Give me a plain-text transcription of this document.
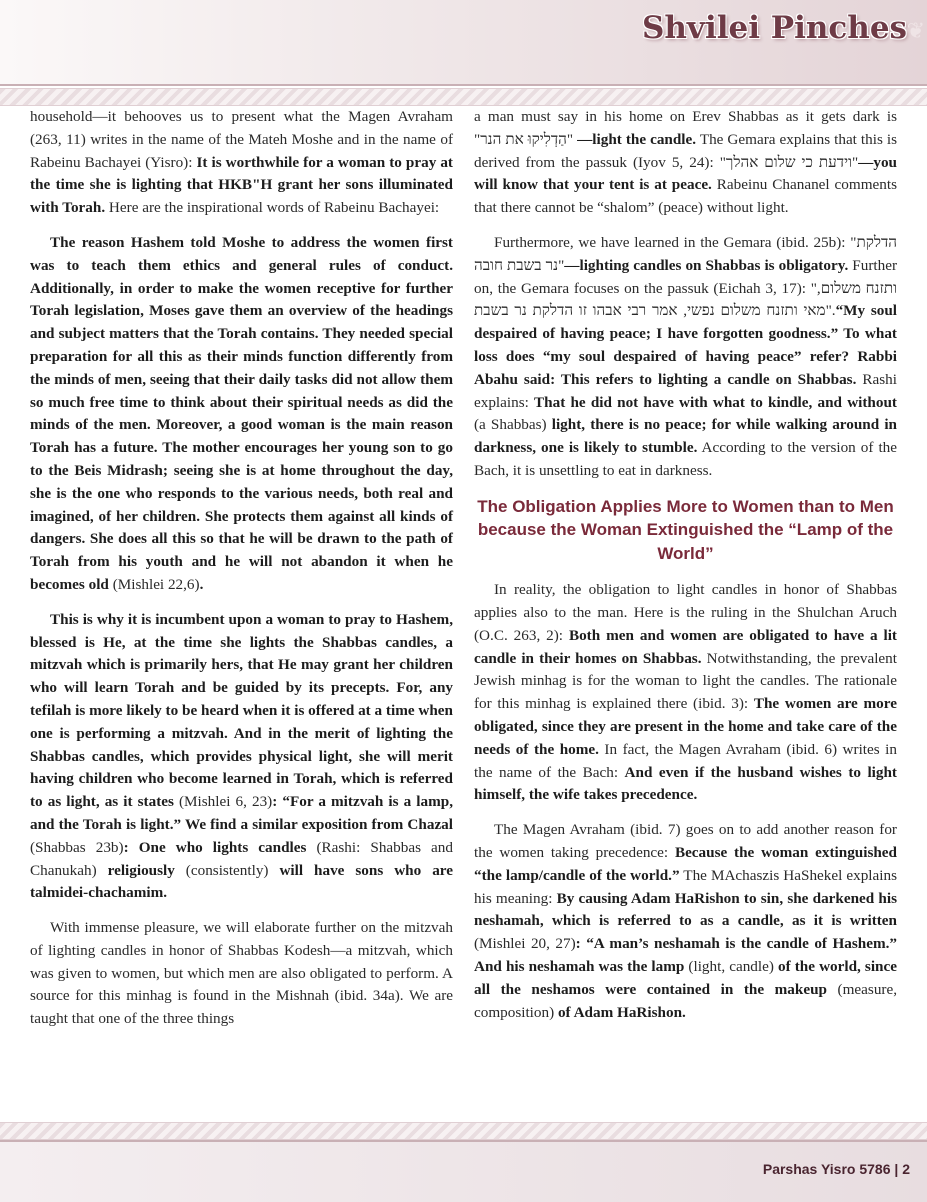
Shvilei Pinches ❦

household—it behooves us to present what the Magen Avraham (263, 11) writes in the name of the Mateh Moshe and in the name of Rabeinu Bachayei (Yisro): It is worthwhile for a woman to pray at the time she is lighting that HKB"H grant her sons illuminated with Torah. Here are the inspirational words of Rabeinu Bachayei:

The reason Hashem told Moshe to address the women first was to teach them ethics and general rules of conduct. Additionally, in order to make the women receptive for further Torah legislation, Moses gave them an overview of the headings and subject matters that the Torah contains. They needed special preparation for all this as their minds function differently from the minds of men, seeing that their daily tasks did not allow them so much free time to think about their spiritual needs as did the minds of the men. Moreover, a good woman is the main reason Torah has a future. The mother encourages her young son to go to the Beis Midrash; seeing she is at home throughout the day, she is the one who responds to the various needs, both real and imagined, of her children. She protects them against all kinds of dangers. She does all this so that he will be drawn to the path of Torah from his youth and he will not abandon it when he becomes old (Mishlei 22,6).

This is why it is incumbent upon a woman to pray to Hashem, blessed is He, at the time she lights the Shabbas candles, a mitzvah which is primarily hers, that He may grant her children who will learn Torah and be guided by its precepts. For, any tefilah is more likely to be heard when it is offered at a time when one is performing a mitzvah. And in the merit of lighting the Shabbas candles, which provides physical light, she will merit having children who become learned in Torah, which is referred to as light, as it states (Mishlei 6, 23): “For a mitzvah is a lamp, and the Torah is light.” We find a similar exposition from Chazal (Shabbas 23b): One who lights candles (Rashi: Shabbas and Chanukah) religiously (consistently) will have sons who are talmidei-chachamim.

With immense pleasure, we will elaborate further on the mitzvah of lighting candles in honor of Shabbas Kodesh—a mitzvah, which was given to women, but which men are also obligated to perform. A source for this minhag is found in the Mishnah (ibid. 34a). We are taught that one of the three things

a man must say in his home on Erev Shabbas as it gets dark is "הַדְלִיקוּ את הנר" —light the candle. The Gemara explains that this is derived from the passuk (Iyov 5, 24): "וידעת כי שלום אהלך"—you will know that your tent is at peace. Rabeinu Chananel comments that there cannot be “shalom” (peace) without light.

Furthermore, we have learned in the Gemara (ibid. 25b): "הדלקת נר בשבת חובה"—lighting candles on Shabbas is obligatory. Further on, the Gemara focuses on the passuk (Eichah 3, 17): "ותזנח משלום, מאי ותזנח משלום נפשי, אמר רבי אבהו זו הדלקת נר בשבת".“My soul despaired of having peace; I have forgotten goodness.” To what loss does “my soul despaired of having peace” refer? Rabbi Abahu said: This refers to lighting a candle on Shabbas. Rashi explains: That he did not have with what to kindle, and without (a Shabbas) light, there is no peace; for while walking around in darkness, one is likely to stumble. According to the version of the Bach, it is unsettling to eat in darkness.

The Obligation Applies More to Women than to Men because the Woman Extinguished the “Lamp of the World”

In reality, the obligation to light candles in honor of Shabbas applies also to the man. Here is the ruling in the Shulchan Aruch (O.C. 263, 2): Both men and women are obligated to have a lit candle in their homes on Shabbas. Notwithstanding, the prevalent Jewish minhag is for the woman to light the candles. The rationale for this minhag is explained there (ibid. 3): The women are more obligated, since they are present in the home and take care of the needs of the home. In fact, the Magen Avraham (ibid. 6) writes in the name of the Bach: And even if the husband wishes to light himself, the wife takes precedence.

The Magen Avraham (ibid. 7) goes on to add another reason for the women taking precedence: Because the woman extinguished “the lamp/candle of the world.” The MAchaszis HaShekel explains his meaning: By causing Adam HaRishon to sin, she darkened his neshamah, which is referred to as a candle, as it is written (Mishlei 20, 27): “A man’s neshamah is the candle of Hashem.” And his neshamah was the lamp (light, candle) of the world, since all the neshamos were contained in the makeup (measure, composition) of Adam HaRishon.

Parshas Yisro 5786 | 2
